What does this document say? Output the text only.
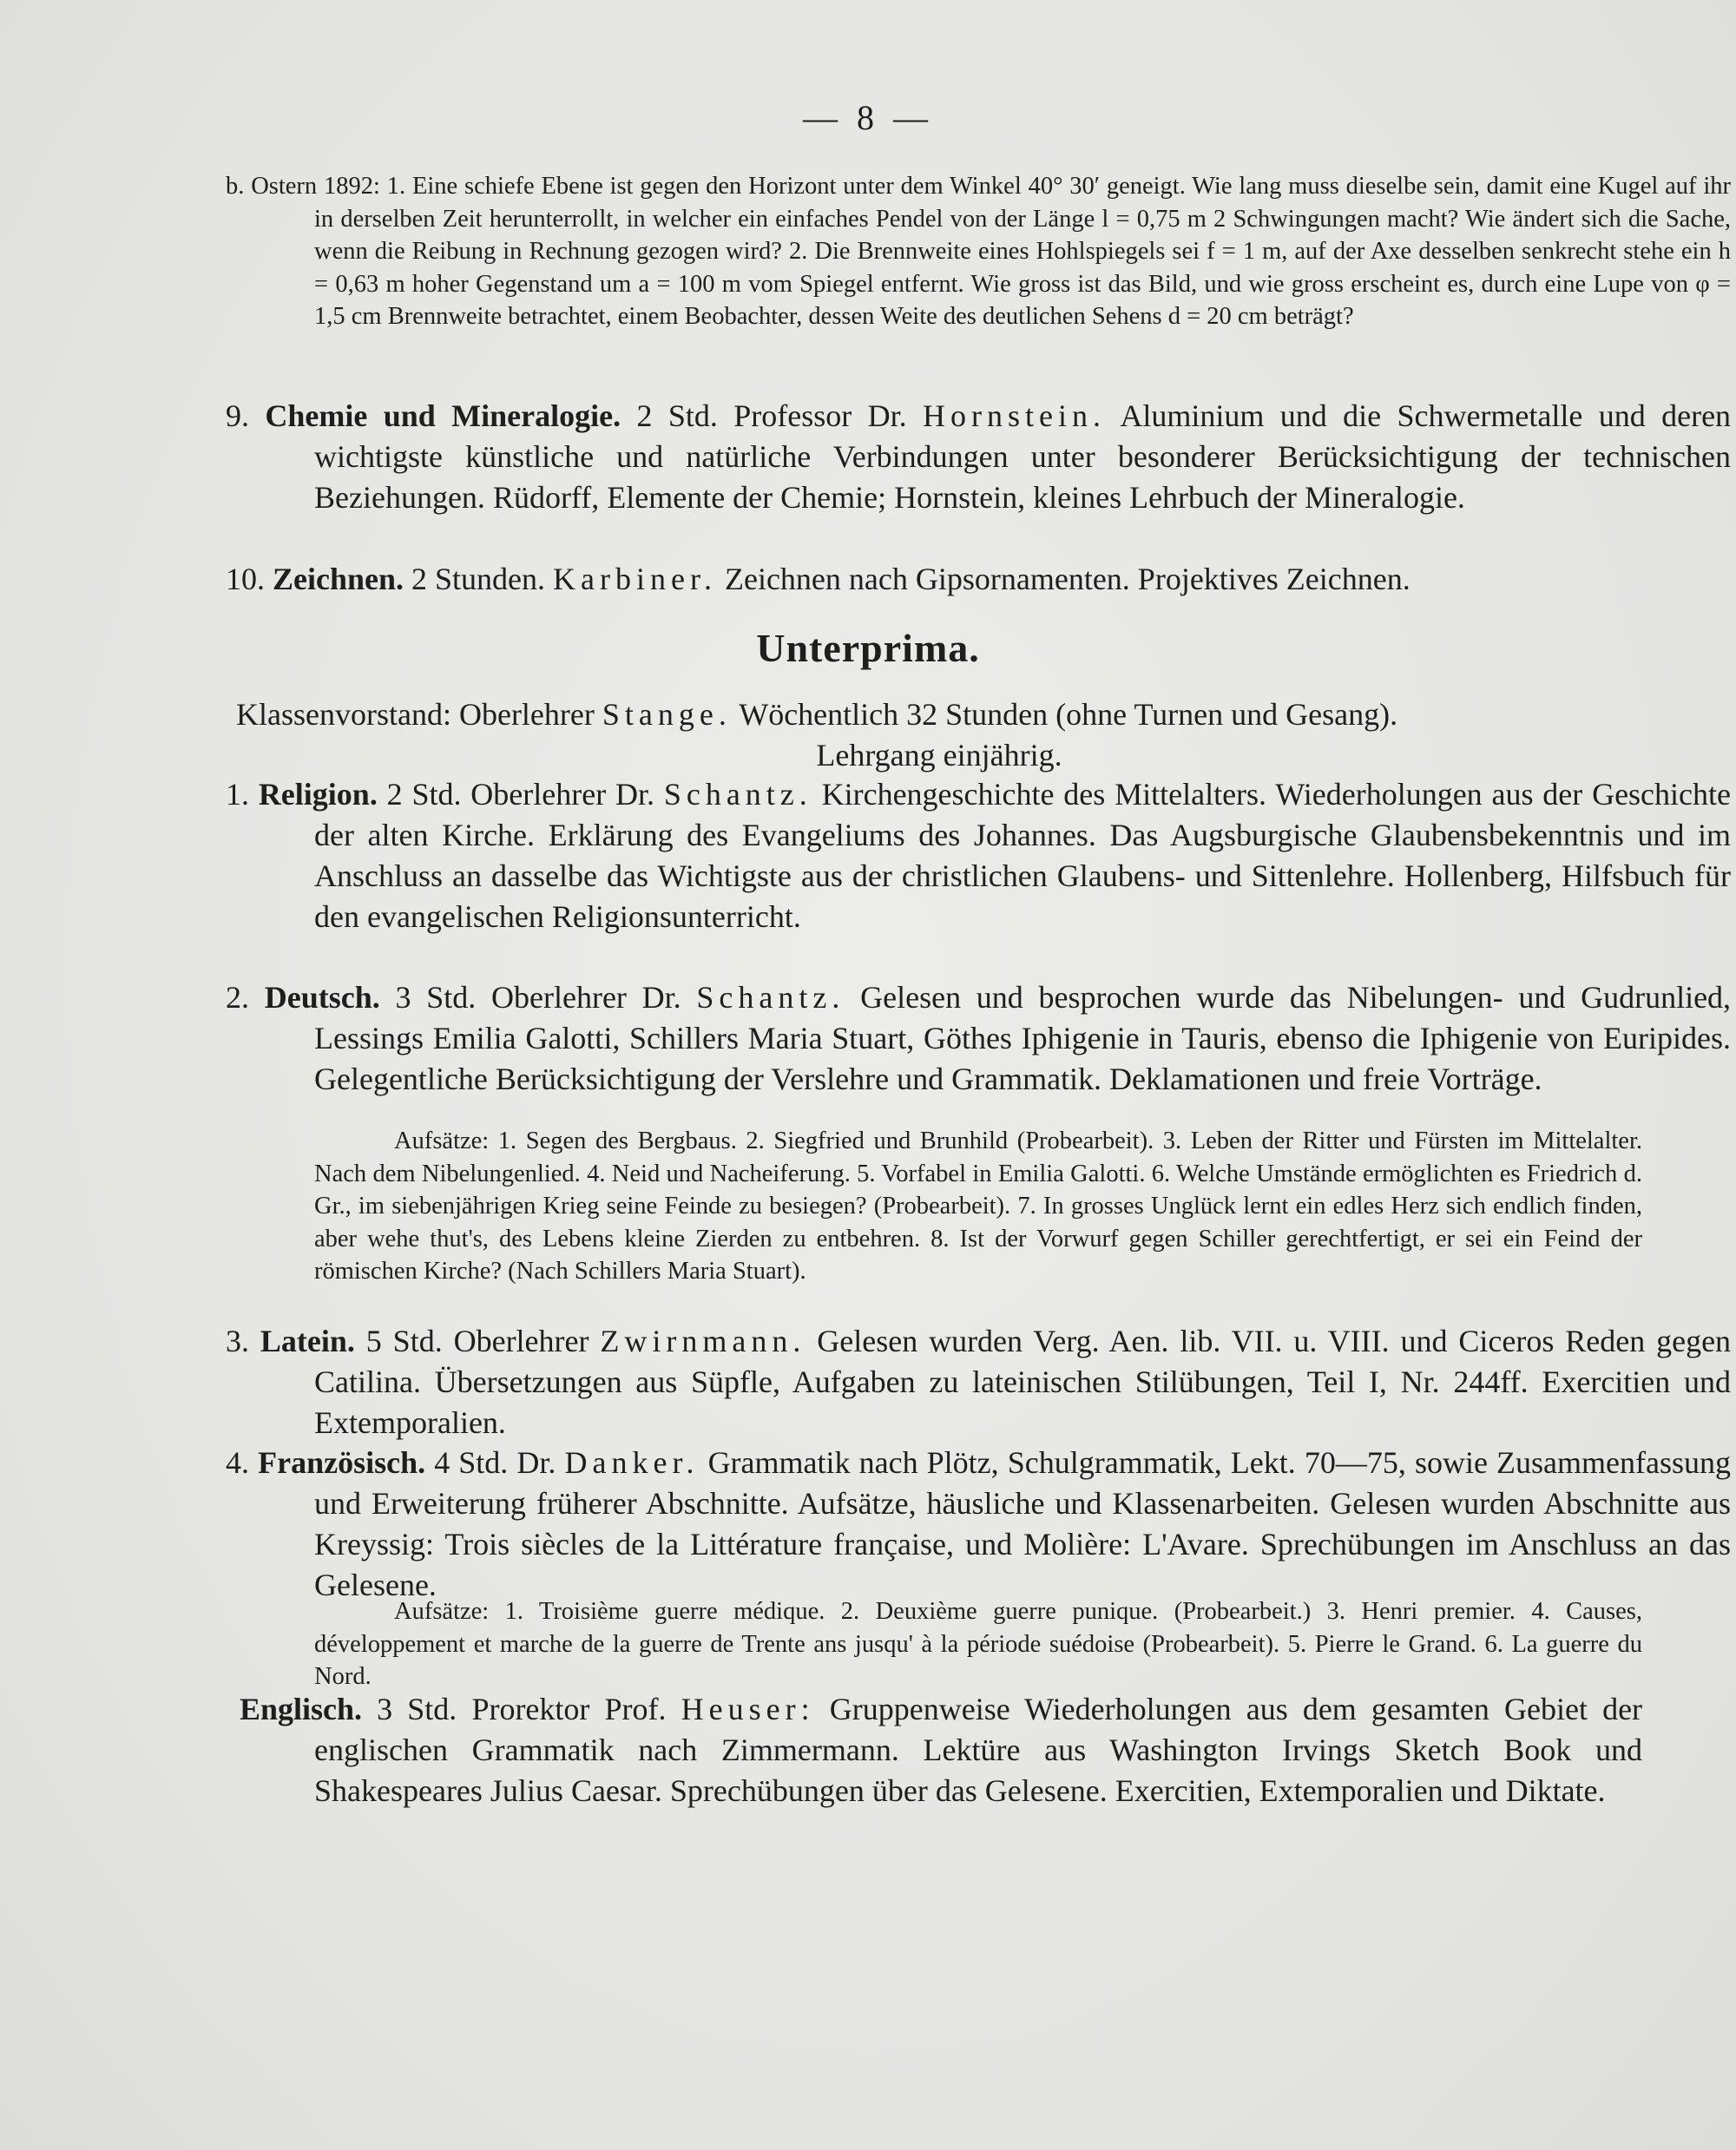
— 8 —
b. Ostern 1892: 1. Eine schiefe Ebene ist gegen den Horizont unter dem Winkel 40° 30′ geneigt. Wie lang muss dieselbe sein, damit eine Kugel auf ihr in derselben Zeit herunterrollt, in welcher ein einfaches Pendel von der Länge l = 0,75 m 2 Schwingungen macht? Wie ändert sich die Sache, wenn die Reibung in Rechnung gezogen wird? 2. Die Brennweite eines Hohlspiegels sei f = 1 m, auf der Axe desselben senkrecht stehe ein h = 0,63 m hoher Gegenstand um a = 100 m vom Spiegel entfernt. Wie gross ist das Bild, und wie gross erscheint es, durch eine Lupe von φ = 1,5 cm Brennweite betrachtet, einem Beobachter, dessen Weite des deutlichen Sehens d = 20 cm beträgt?
9. Chemie und Mineralogie. 2 Std. Professor Dr. Hornstein. Aluminium und die Schwermetalle und deren wichtigste künstliche und natürliche Verbindungen unter besonderer Berücksichtigung der technischen Beziehungen. Rüdorff, Elemente der Chemie; Hornstein, kleines Lehrbuch der Mineralogie.
10. Zeichnen. 2 Stunden. Karbiner. Zeichnen nach Gipsornamenten. Projektives Zeichnen.
Unterprima.

Klassenvorstand: Oberlehrer Stange. Wöchentlich 32 Stunden (ohne Turnen und Gesang).

Lehrgang einjährig.

1. Religion. 2 Std. Oberlehrer Dr. Schantz. Kirchengeschichte des Mittelalters. Wiederholungen aus der Geschichte der alten Kirche. Erklärung des Evangeliums des Johannes. Das Augsburgische Glaubensbekenntnis und im Anschluss an dasselbe das Wichtigste aus der christlichen Glaubens- und Sittenlehre. Hollenberg, Hilfsbuch für den evangelischen Religionsunterricht.
2. Deutsch. 3 Std. Oberlehrer Dr. Schantz. Gelesen und besprochen wurde das Nibelungen- und Gudrunlied, Lessings Emilia Galotti, Schillers Maria Stuart, Göthes Iphigenie in Tauris, ebenso die Iphigenie von Euripides. Gelegentliche Berücksichtigung der Verslehre und Grammatik. Deklamationen und freie Vorträge.

Aufsätze: 1. Segen des Bergbaus. 2. Siegfried und Brunhild (Probearbeit). 3. Leben der Ritter und Fürsten im Mittelalter. Nach dem Nibelungenlied. 4. Neid und Nacheiferung. 5. Vorfabel in Emilia Galotti. 6. Welche Umstände ermöglichten es Friedrich d. Gr., im siebenjährigen Krieg seine Feinde zu besiegen? (Probearbeit). 7. In grosses Unglück lernt ein edles Herz sich endlich finden, aber wehe thut's, des Lebens kleine Zierden zu entbehren. 8. Ist der Vorwurf gegen Schiller gerechtfertigt, er sei ein Feind der römischen Kirche? (Nach Schillers Maria Stuart).

3. Latein. 5 Std. Oberlehrer Zwirnmann. Gelesen wurden Verg. Aen. lib. VII. u. VIII. und Ciceros Reden gegen Catilina. Übersetzungen aus Süpfle, Aufgaben zu lateinischen Stilübungen, Teil I, Nr. 244ff. Exercitien und Extemporalien.
4. Französisch. 4 Std. Dr. Danker. Grammatik nach Plötz, Schulgrammatik, Lekt. 70—75, sowie Zusammenfassung und Erweiterung früherer Abschnitte. Aufsätze, häusliche und Klassenarbeiten. Gelesen wurden Abschnitte aus Kreyssig: Trois siècles de la Littérature française, und Molière: L'Avare. Sprechübungen im Anschluss an das Gelesene.

Aufsätze: 1. Troisième guerre médique. 2. Deuxième guerre punique. (Probearbeit.) 3. Henri premier. 4. Causes, développement et marche de la guerre de Trente ans jusqu' à la période suédoise (Probearbeit). 5. Pierre le Grand. 6. La guerre du Nord.

Englisch. 3 Std. Prorektor Prof. Heuser: Gruppenweise Wiederholungen aus dem gesamten Gebiet der englischen Grammatik nach Zimmermann. Lektüre aus Washington Irvings Sketch Book und Shakespeares Julius Caesar. Sprechübungen über das Gelesene. Exercitien, Extemporalien und Diktate.
